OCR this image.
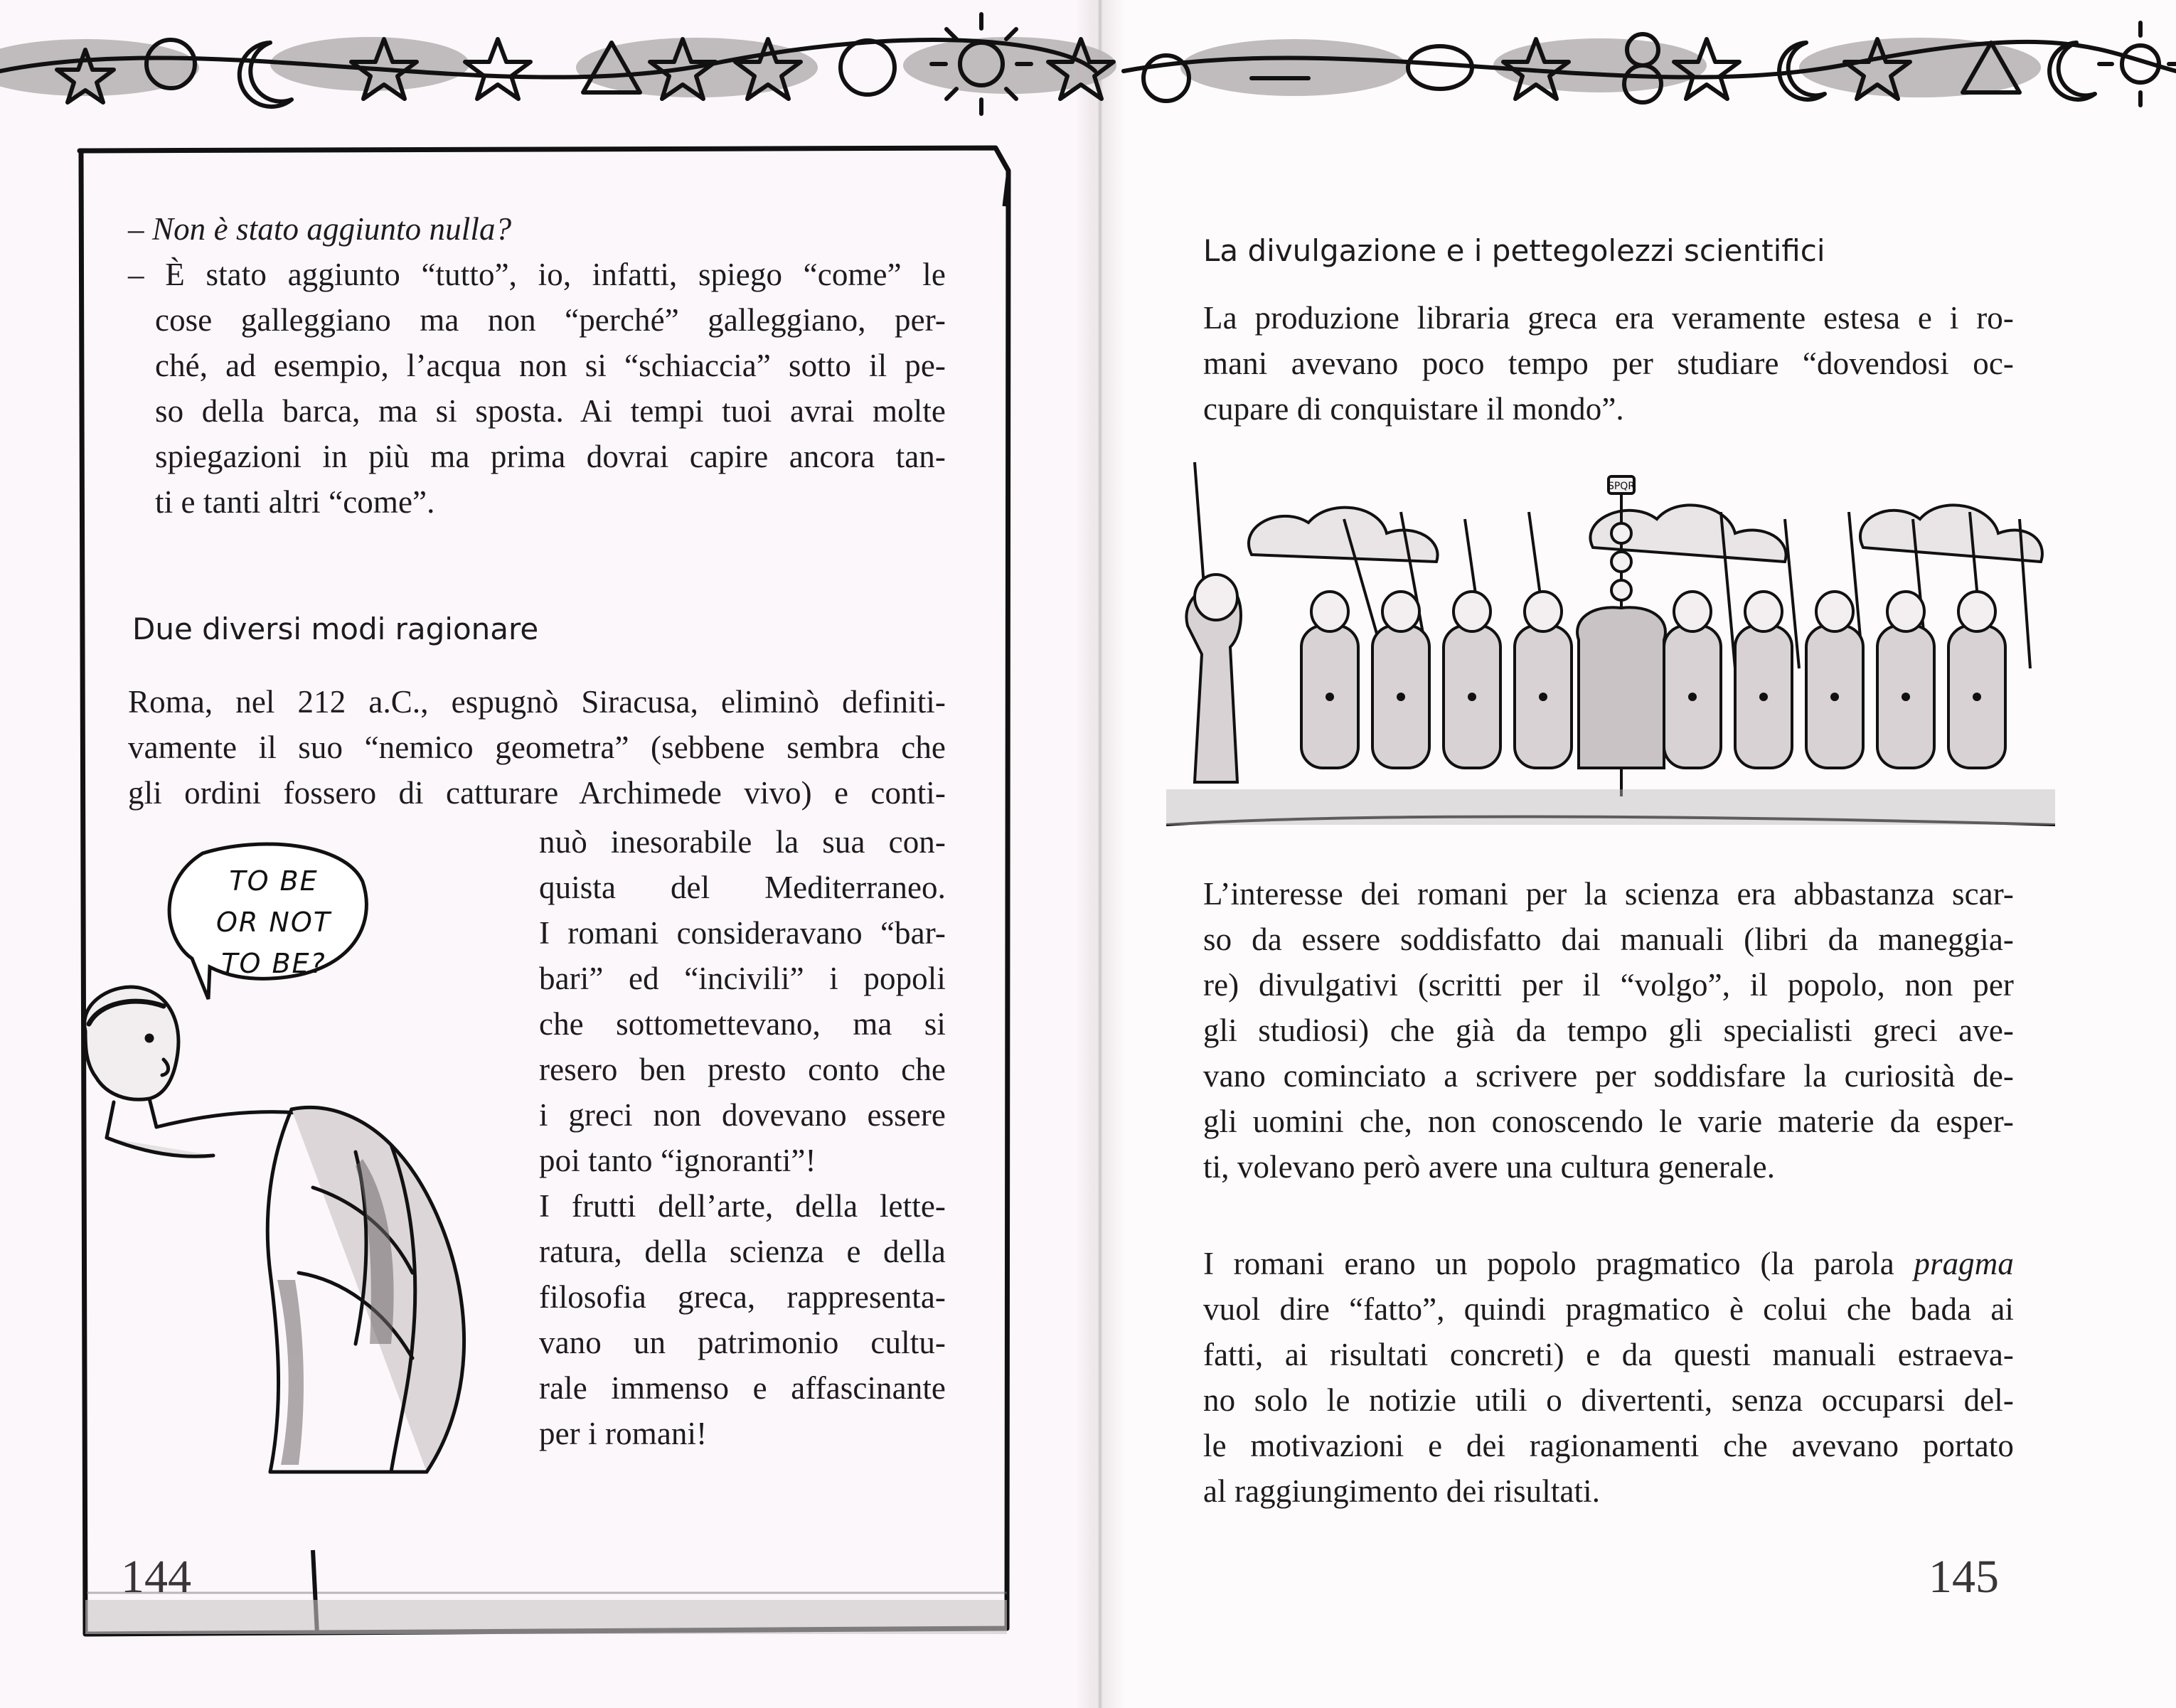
– Non è stato aggiunto nulla?
– È stato aggiunto “tutto”, io, infatti, spiego “come” le
cose galleggiano ma non “perché” galleggiano, per-
ché, ad esempio, l’acqua non si “schiaccia” sotto il pe-
so della barca, ma si sposta. Ai tempi tuoi avrai molte
spiegazioni in più ma prima dovrai capire ancora tan-
ti e tanti altri “come”.
Due diversi modi ragionare
Roma, nel 212 a.C., espugnò Siracusa, eliminò definiti-
vamente il suo “nemico geometra” (sebbene sembra che
gli ordini fossero di catturare Archimede vivo) e conti-
nuò inesorabile la sua con-
quista del Mediterraneo.
I romani consideravano “bar-
bari” ed “incivili” i popoli
che sottomettevano, ma si
resero ben presto conto che
i greci non dovevano essere
poi tanto “ignoranti”!
I frutti dell’arte, della lette-
ratura, della scienza e della
filosofia greca, rappresenta-
vano un patrimonio cultu-
rale immenso e affascinante
per i romani!
TO BE
OR NOT
TO BE?
144
La divulgazione e i pettegolezzi scientifici
La produzione libraria greca era veramente estesa e i ro-
mani avevano poco tempo per studiare “dovendosi oc-
cupare di conquistare il mondo”.
SPQR
L’interesse dei romani per la scienza era abbastanza scar-
so da essere soddisfatto dai manuali (libri da maneggia-
re) divulgativi (scritti per il “volgo”, il popolo, non per
gli studiosi) che già da tempo gli specialisti greci ave-
vano cominciato a scrivere per soddisfare la curiosità de-
gli uomini che, non conoscendo le varie materie da esper-
ti, volevano però avere una cultura generale.
I romani erano un popolo pragmatico (la parola pragma
vuol dire “fatto”, quindi pragmatico è colui che bada ai
fatti, ai risultati concreti) e da questi manuali estraeva-
no solo le notizie utili o divertenti, senza occuparsi del-
le motivazioni e dei ragionamenti che avevano portato
al raggiungimento dei risultati.
145
